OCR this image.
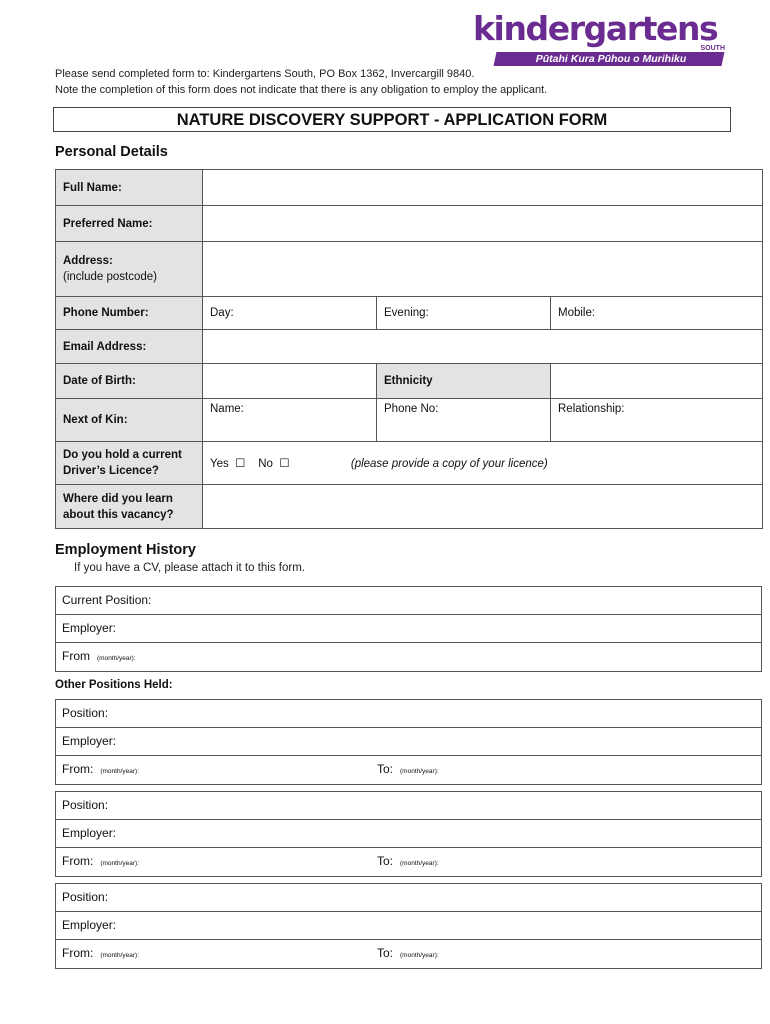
kindergartens
SOUTH
Pūtahi Kura Pūhou o Murihiku
Please send completed form to: Kindergartens South, PO Box 1362, Invercargill 9840.
Note the completion of this form does not indicate that there is any obligation to employ the applicant.
NATURE DISCOVERY SUPPORT - APPLICATION FORM
Personal Details
Full Name:			
Preferred Name:			

Address:
(include postcode)			

Phone Number:	Day:	Evening:	Mobile:
Email Address:			
Date of Birth:		Ethnicity	
Next of Kin:	Name:	Phone No:	Relationship:

Do you hold a current
Driver’s Licence?	Yes  ☐    No  ☐ (please provide a copy of your licence)		

Where did you learn
about this vacancy?			

Employment History
If you have a CV, please attach it to this form.
Current Position:
Employer:
From (month/year):
Other Positions Held:
Position:
Employer:
From: (month/year):	To: (month/year):
Position:
Employer:
From: (month/year):	To: (month/year):
Position:
Employer:
From: (month/year):	To: (month/year):
